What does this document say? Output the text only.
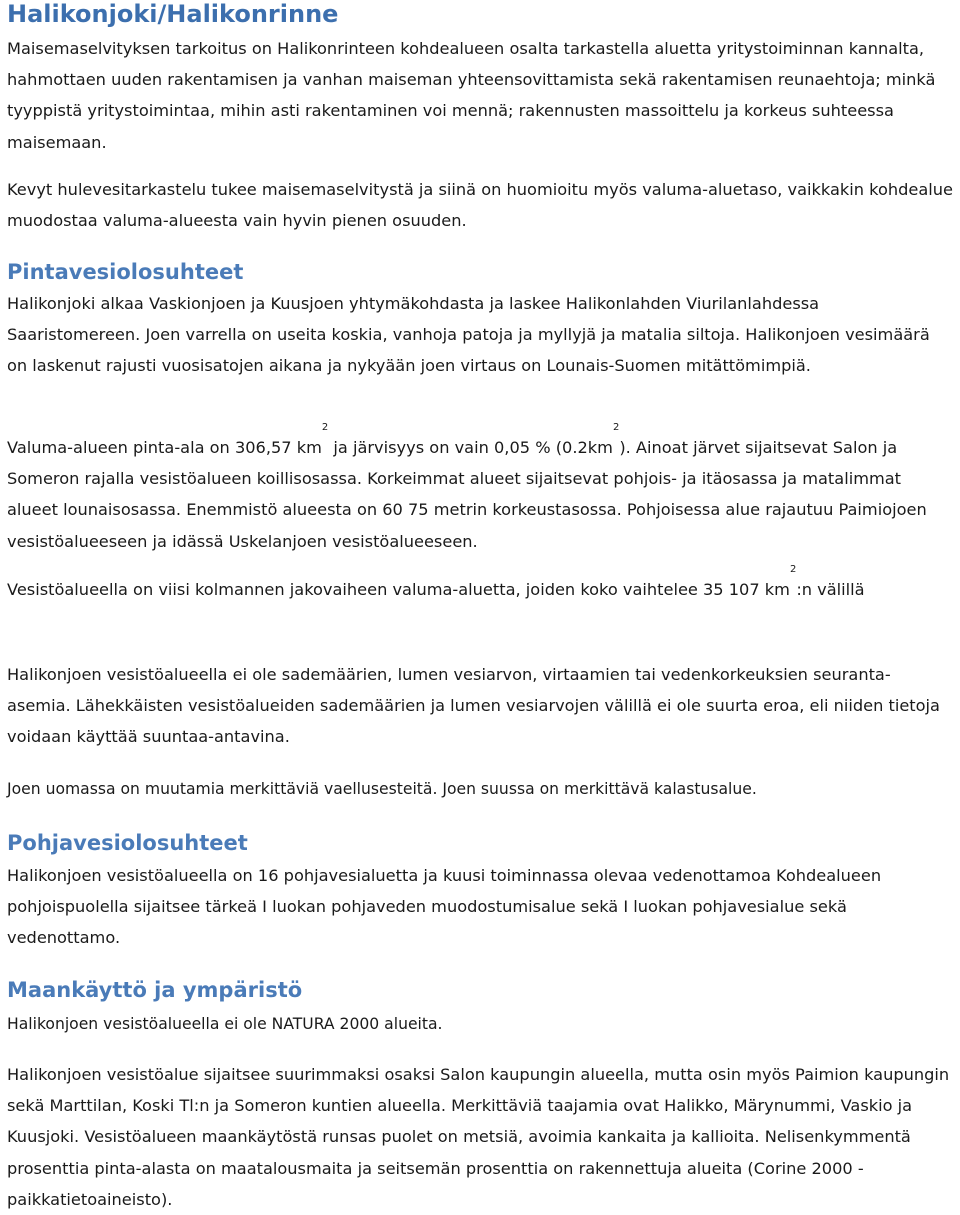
Halikonjoki/Halikonrinne

Maisemaselvityksen tarkoitus on Halikonrinteen kohdealueen osalta tarkastella aluetta yritystoiminnan kannalta, hahmottaen uuden rakentamisen ja vanhan maiseman yhteensovittamista sekä rakentamisen reunaehtoja; minkä tyyppistä yritystoimintaa, mihin asti rakentaminen voi mennä; rakennusten massoittelu ja korkeus suhteessa maisemaan.

Kevyt hulevesitarkastelu tukee maisemaselvitystä ja siinä on huomioitu myös valuma-aluetaso, vaikkakin kohdealue muodostaa valuma-alueesta vain hyvin pienen osuuden.

Pintavesiolosuhteet

Halikonjoki alkaa Vaskionjoen ja Kuusjoen yhtymäkohdasta ja laskee Halikonlahden Viurilanlahdessa Saaristomereen. Joen varrella on useita koskia, vanhoja patoja ja myllyjä ja matalia siltoja. Halikonjoen vesimäärä on laskenut rajusti vuosisatojen aikana ja nykyään joen virtaus on Lounais-Suomen mitättömimpiä.

Valuma-alueen pinta-ala on 306,57 $km^2$ ja järvisyys on vain 0,05 % $(0.2km^2)$. Ainoat järvet sijaitsevat Salon ja Someron rajalla vesistöalueen koillisosassa. Korkeimmat alueet sijaitsevat pohjois- ja itäosassa ja matalimmat alueet lounaisosassa. Enemmistö alueesta on 60 75 metrin korkeustasossa. Pohjoisessa alue rajautuu Paimiojoen vesistöalueeseen ja idässä Uskelanjoen vesistöalueeseen.

Vesistöalueella on viisi kolmannen jakovaiheen valuma-aluetta, joiden koko vaihtelee 35 107 $km^2:n$ välillä

Halikonjoen vesistöalueella ei ole sademäärien, lumen vesiarvon, virtaamien tai vedenkorkeuksien seuranta-asemia. Lähekkäisten vesistöalueiden sademäärien ja lumen vesiarvojen välillä ei ole suurta eroa, eli niiden tietoja voidaan käyttää suuntaa-antavina.

Joen uomassa on muutamia merkittäviä vaellusesteitä. Joen suussa on merkittävä kalastusalue.

Pohjavesiolosuhteet

Halikonjoen vesistöalueella on 16 pohjavesialuetta ja kuusi toiminnassa olevaa vedenottamoa Kohdealueen pohjoispuolella sijaitsee tärkeä I luokan pohjaveden muodostumisalue sekä I luokan pohjavesialue sekä vedenottamo.

Maankäyttö ja ympäristö

Halikonjoen vesistöalueella ei ole NATURA 2000 alueita.

Halikonjoen vesistöalue sijaitsee suurimmaksi osaksi Salon kaupungin alueella, mutta osin myös Paimion kaupungin sekä Marttilan, Koski Tl:n ja Someron kuntien alueella. Merkittäviä taajamia ovat Halikko, Märynummi, Vaskio ja Kuusjoki. Vesistöalueen maankäytöstä runsas puolet on metsiä, avoimia kankaita ja kallioita. Nelisenkymmentä prosenttia pinta-alasta on maatalousmaita ja seitsemän prosenttia on rakennettuja alueita (Corine 2000 -paikkatietoaineisto).
